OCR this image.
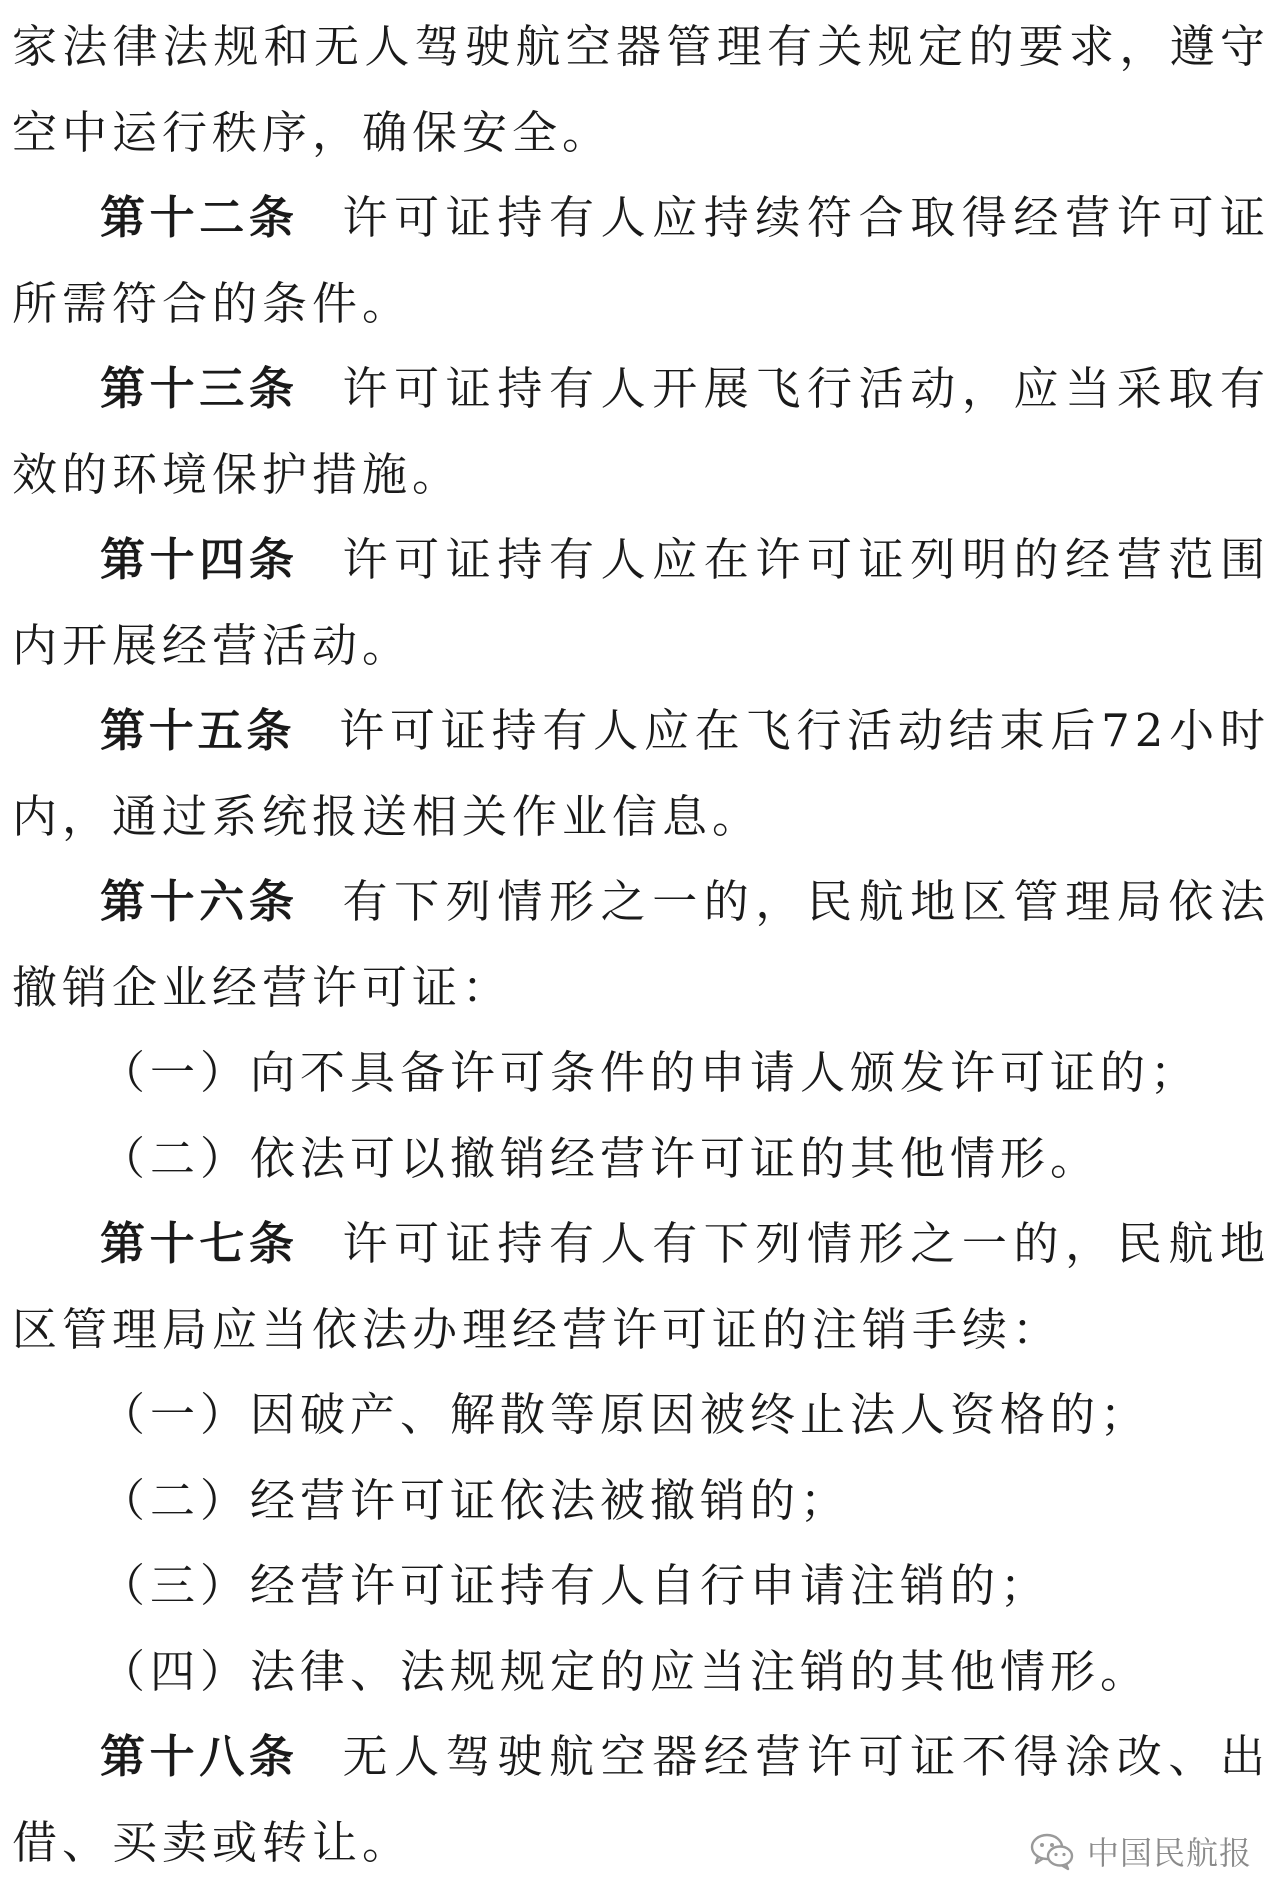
家法律法规和无人驾驶航空器管理有关规定的要求，遵守空中运行秩序，确保安全。

第十二条 许可证持有人应持续符合取得经营许可证所需符合的条件。

第十三条 许可证持有人开展飞行活动，应当采取有效的环境保护措施。

第十四条 许可证持有人应在许可证列明的经营范围内开展经营活动。

第十五条 许可证持有人应在飞行活动结束后72小时内，通过系统报送相关作业信息。

第十六条 有下列情形之一的，民航地区管理局依法撤销企业经营许可证：

（一）向不具备许可条件的申请人颁发许可证的；

（二）依法可以撤销经营许可证的其他情形。

第十七条 许可证持有人有下列情形之一的，民航地区管理局应当依法办理经营许可证的注销手续：

（一）因破产、解散等原因被终止法人资格的；

（二）经营许可证依法被撤销的；

（三）经营许可证持有人自行申请注销的；

（四）法律、法规规定的应当注销的其他情形。

第十八条 无人驾驶航空器经营许可证不得涂改、出借、买卖或转让。	中国民航报
